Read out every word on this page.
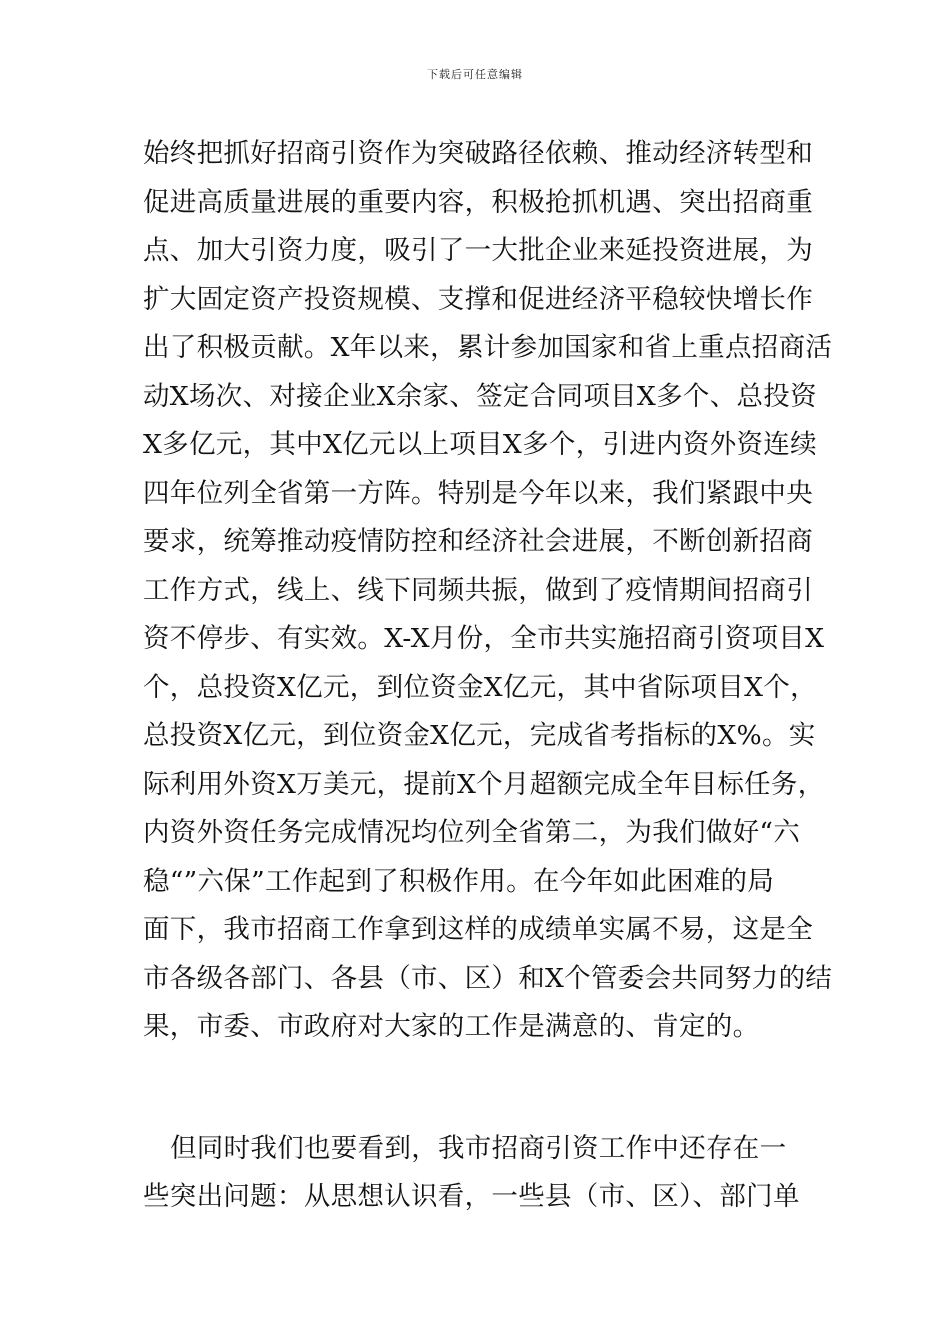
下载后可任意编辑
始终把抓好招商引资作为突破路径依赖、推动经济转型和
促进高质量进展的重要内容，积极抢抓机遇、突出招商重
点、加大引资力度，吸引了一大批企业来延投资进展，为
扩大固定资产投资规模、支撑和促进经济平稳较快增长作
出了积极贡献。X年以来，累计参加国家和省上重点招商活
动X场次、对接企业X余家、签定合同项目X多个、总投资
X多亿元，其中X亿元以上项目X多个，引进内资外资连续
四年位列全省第一方阵。特别是今年以来，我们紧跟中央
要求，统筹推动疫情防控和经济社会进展，不断创新招商
工作方式，线上、线下同频共振，做到了疫情期间招商引
资不停步、有实效。X-X月份，全市共实施招商引资项目X
个，总投资X亿元，到位资金X亿元，其中省际项目X个，
总投资X亿元，到位资金X亿元，完成省考指标的X%。实
际利用外资X万美元，提前X个月超额完成全年目标任务，
内资外资任务完成情况均位列全省第二，为我们做好“六
稳“”六保”工作起到了积极作用。在今年如此困难的局
面下，我市招商工作拿到这样的成绩单实属不易，这是全
市各级各部门、各县（市、区）和X个管委会共同努力的结
果，市委、市政府对大家的工作是满意的、肯定的。
但同时我们也要看到，我市招商引资工作中还存在一
些突出问题：从思想认识看，一些县（市、区）、部门单
